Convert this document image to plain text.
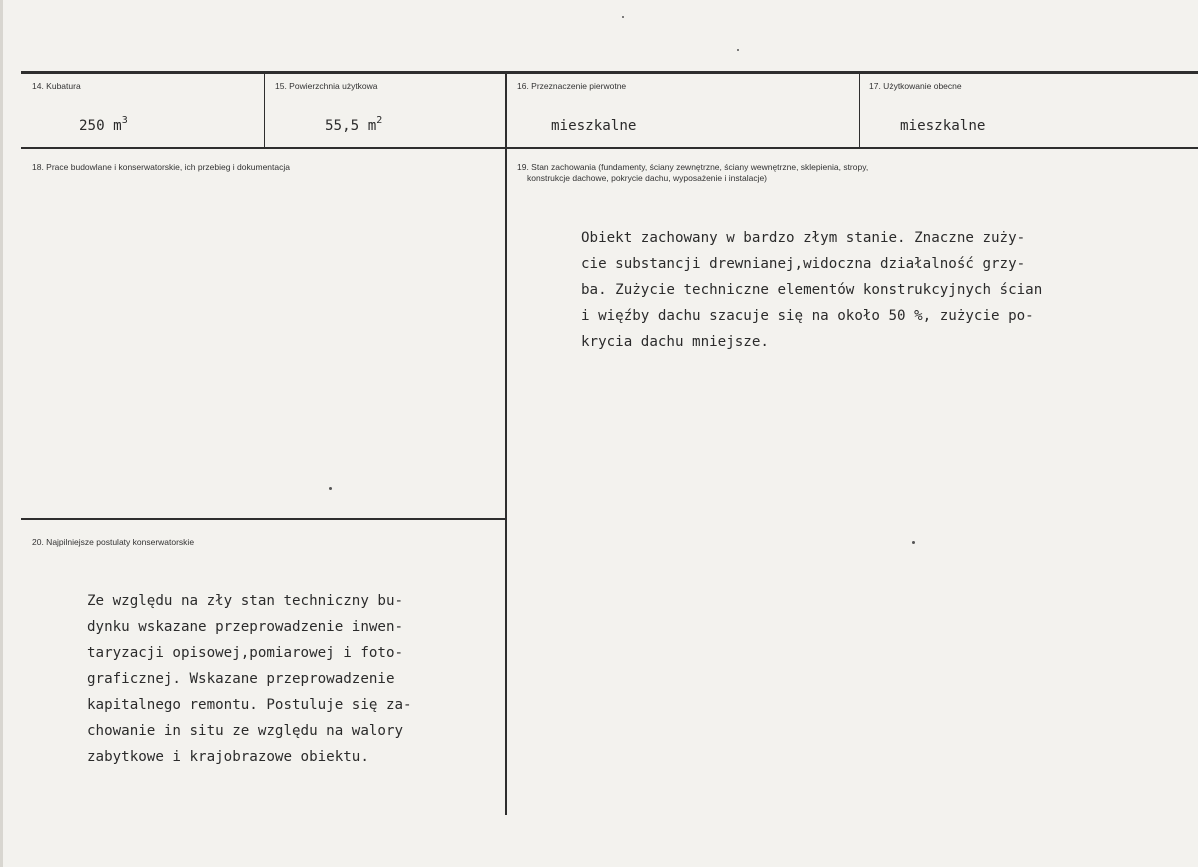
14. Kubatura
250 $m^3$
15. Powierzchnia użytkowa
55,5 $m^2$
16. Przeznaczenie pierwotne
mieszkalne
17. Użytkowanie obecne
mieszkalne
18. Prace budowlane i konserwatorskie, ich przebieg i dokumentacja	19. Stan zachowania (fundamenty, ściany zewnętrzne, ściany wewnętrzne, sklepienia, stropy,
konstrukcje dachowe, pokrycie dachu, wyposażenie i instalacje)
Obiekt zachowany w bardzo złym stanie. Znaczne zuży-
cie substancji drewnianej,widoczna działalność grzy-
ba. Zużycie techniczne elementów konstrukcyjnych ścian
i więźby dachu szacuje się na około 50 %, zużycie po-
krycia dachu mniejsze.
20. Najpilniejsze postulaty konserwatorskie
Ze względu na zły stan techniczny bu-
dynku wskazane przeprowadzenie inwen-
taryzacji opisowej,pomiarowej i foto-
graficznej. Wskazane przeprowadzenie
kapitalnego remontu. Postuluje się za-
chowanie in situ ze względu na walory
zabytkowe i krajobrazowe obiektu.
